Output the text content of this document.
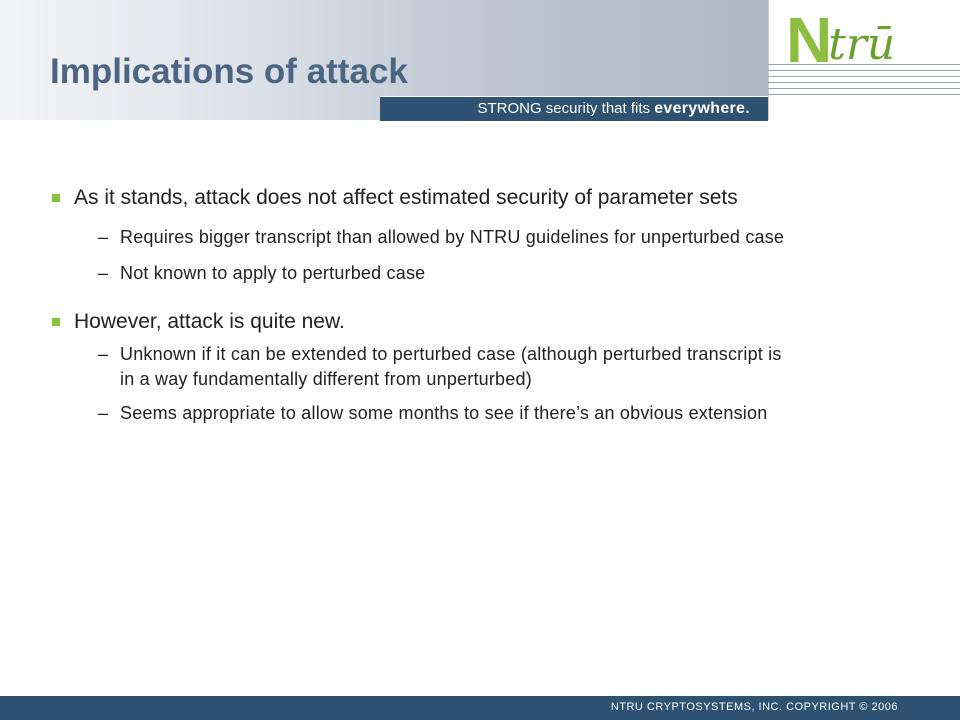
Ntrū
Implications of attack
STRONG security that fits everywhere.

As it stands, attack does not affect estimated security of parameter sets

– Requires bigger transcript than allowed by NTRU guidelines for unperturbed case
– Not known to apply to perturbed case

However, attack is quite new.

– Unknown if it can be extended to perturbed case (although perturbed transcript is in a way fundamentally different from unperturbed)
– Seems appropriate to allow some months to see if there’s an obvious extension
NTRU CRYPTOSYSTEMS, INC. COPYRIGHT © 2006
